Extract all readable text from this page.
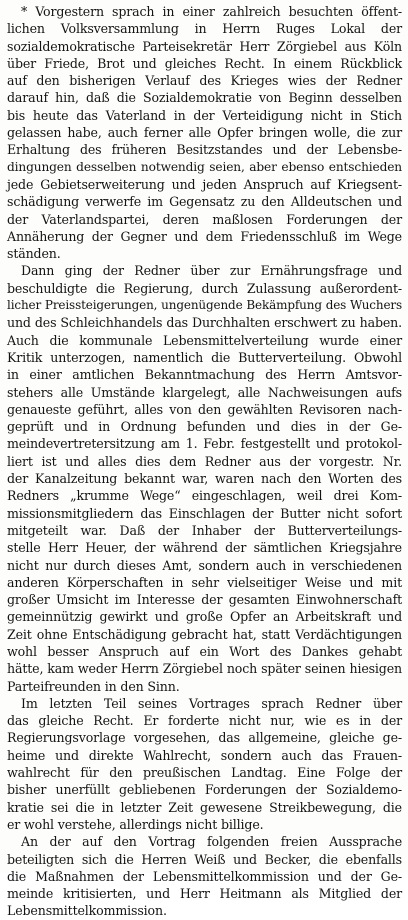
* Vorgestern sprach in einer zahlreich besuchten öffent-
lichen Volksversammlung in Herrn Ruges Lokal der
sozialdemokratische Parteisekretär Herr Zörgiebel aus Köln
über Friede, Brot und gleiches Recht. In einem Rückblick
auf den bisherigen Verlauf des Krieges wies der Redner
darauf hin, daß die Sozialdemokratie von Beginn desselben
bis heute das Vaterland in der Verteidigung nicht in Stich
gelassen habe, auch ferner alle Opfer bringen wolle, die zur
Erhaltung des früheren Besitzstandes und der Lebensbe-
dingungen desselben notwendig seien, aber ebenso entschieden
jede Gebietserweiterung und jeden Anspruch auf Kriegsent-
schädigung verwerfe im Gegensatz zu den Alldeutschen und
der Vaterlandspartei, deren maßlosen Forderungen der
Annäherung der Gegner und dem Friedensschluß im Wege
ständen.
Dann ging der Redner über zur Ernährungsfrage und
beschuldigte die Regierung, durch Zulassung außerordent-
licher Preissteigerungen, ungenügende Bekämpfung des Wuchers
und des Schleichhandels das Durchhalten erschwert zu haben.
Auch die kommunale Lebensmittelverteilung wurde einer
Kritik unterzogen, namentlich die Butterverteilung. Obwohl
in einer amtlichen Bekanntmachung des Herrn Amtsvor-
stehers alle Umstände klargelegt, alle Nachweisungen aufs
genaueste geführt, alles von den gewählten Revisoren nach-
geprüft und in Ordnung befunden und dies in der Ge-
meindevertretersitzung am 1. Febr. festgestellt und protokol-
liert ist und alles dies dem Redner aus der vorgestr. Nr.
der Kanalzeitung bekannt war, waren nach den Worten des
Redners „krumme Wege“ eingeschlagen, weil drei Kom-
missionsmitgliedern das Einschlagen der Butter nicht sofort
mitgeteilt war. Daß der Inhaber der Butterverteilungs-
stelle Herr Heuer, der während der sämtlichen Kriegsjahre
nicht nur durch dieses Amt, sondern auch in verschiedenen
anderen Körperschaften in sehr vielseitiger Weise und mit
großer Umsicht im Interesse der gesamten Einwohnerschaft
gemeinnützig gewirkt und große Opfer an Arbeitskraft und
Zeit ohne Entschädigung gebracht hat, statt Verdächtigungen
wohl besser Anspruch auf ein Wort des Dankes gehabt
hätte, kam weder Herrn Zörgiebel noch später seinen hiesigen
Parteifreunden in den Sinn.
Im letzten Teil seines Vortrages sprach Redner über
das gleiche Recht. Er forderte nicht nur, wie es in der
Regierungsvorlage vorgesehen, das allgemeine, gleiche ge-
heime und direkte Wahlrecht, sondern auch das Frauen-
wahlrecht für den preußischen Landtag. Eine Folge der
bisher unerfüllt gebliebenen Forderungen der Sozialdemo-
kratie sei die in letzter Zeit gewesene Streikbewegung, die
er wohl verstehe, allerdings nicht billige.
An der auf den Vortrag folgenden freien Aussprache
beteiligten sich die Herren Weiß und Becker, die ebenfalls
die Maßnahmen der Lebensmittelkommission und der Ge-
meinde kritisierten, und Herr Heitmann als Mitglied der
Lebensmittelkommission.
